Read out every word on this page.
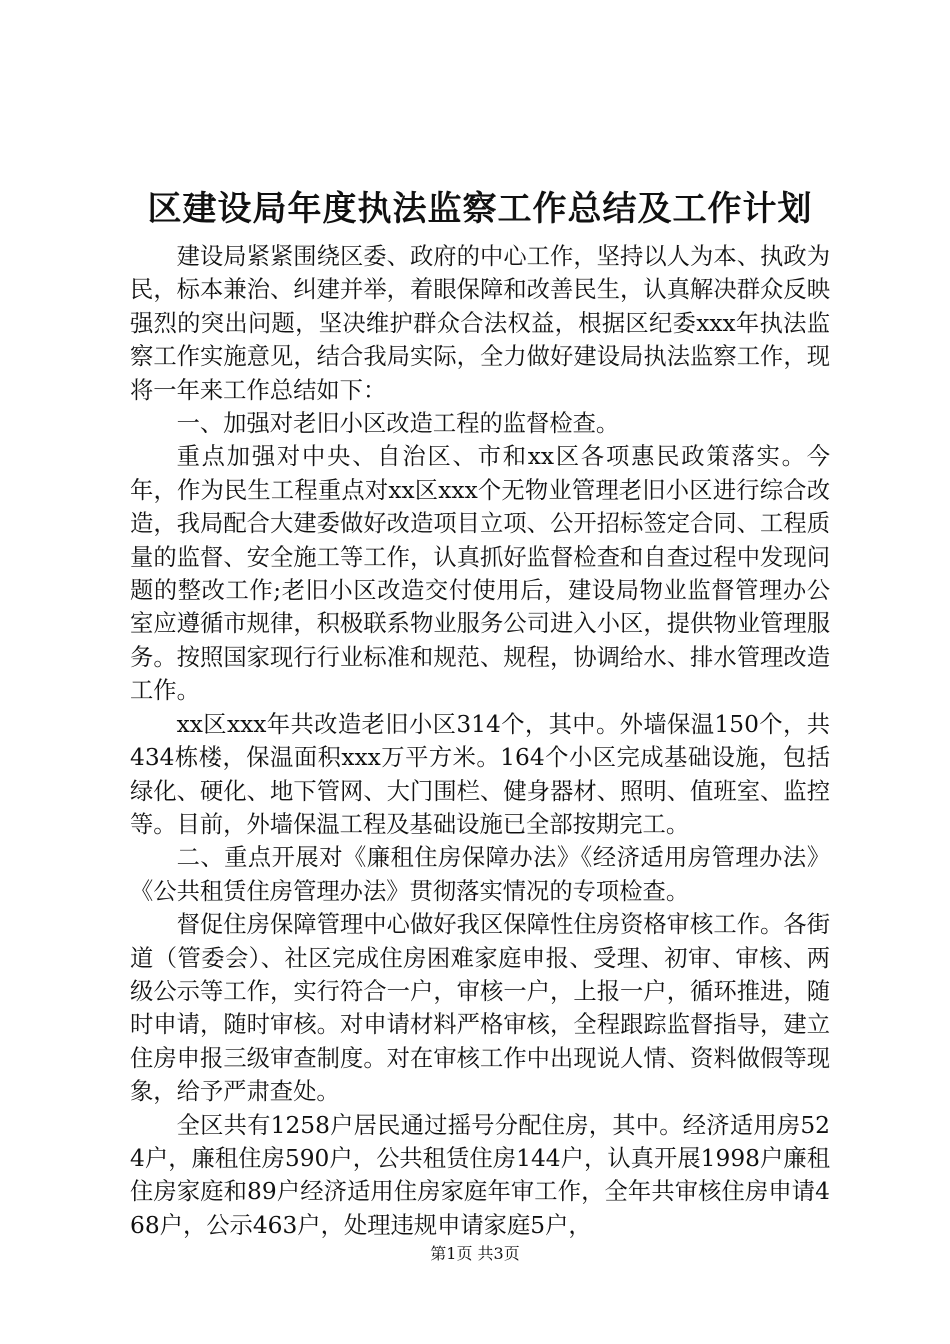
区建设局年度执法监察工作总结及工作计划

建设局紧紧围绕区委、政府的中心工作，坚持以人为本、执政为民，标本兼治、纠建并举，着眼保障和改善民生，认真解决群众反映强烈的突出问题，坚决维护群众合法权益，根据区纪委xxx年执法监察工作实施意见，结合我局实际，全力做好建设局执法监察工作，现将一年来工作总结如下：

一、加强对老旧小区改造工程的监督检查。

重点加强对中央、自治区、市和xx区各项惠民政策落实。今年，作为民生工程重点对xx区xxx个无物业管理老旧小区进行综合改造，我局配合大建委做好改造项目立项、公开招标签定合同、工程质量的监督、安全施工等工作，认真抓好监督检查和自查过程中发现问题的整改工作;老旧小区改造交付使用后，建设局物业监督管理办公室应遵循市规律，积极联系物业服务公司进入小区，提供物业管理服务。按照国家现行行业标准和规范、规程，协调给水、排水管理改造工作。

xx区xxx年共改造老旧小区314个，其中。外墙保温150个，共434栋楼，保温面积xxx万平方米。164个小区完成基础设施，包括绿化、硬化、地下管网、大门围栏、健身器材、照明、值班室、监控等。目前，外墙保温工程及基础设施已全部按期完工。

二、重点开展对《廉租住房保障办法》《经济适用房管理办法》《公共租赁住房管理办法》贯彻落实情况的专项检查。

督促住房保障管理中心做好我区保障性住房资格审核工作。各街道（管委会）、社区完成住房困难家庭申报、受理、初审、审核、两级公示等工作，实行符合一户，审核一户，上报一户，循环推进，随时申请，随时审核。对申请材料严格审核，全程跟踪监督指导，建立住房申报三级审查制度。对在审核工作中出现说人情、资料做假等现象，给予严肃查处。

全区共有1258户居民通过摇号分配住房，其中。经济适用房524户，廉租住房590户，公共租赁住房144户，认真开展1998户廉租住房家庭和89户经济适用住房家庭年审工作，全年共审核住房申请468户，公示463户，处理违规申请家庭5户，

第1页 共3页
